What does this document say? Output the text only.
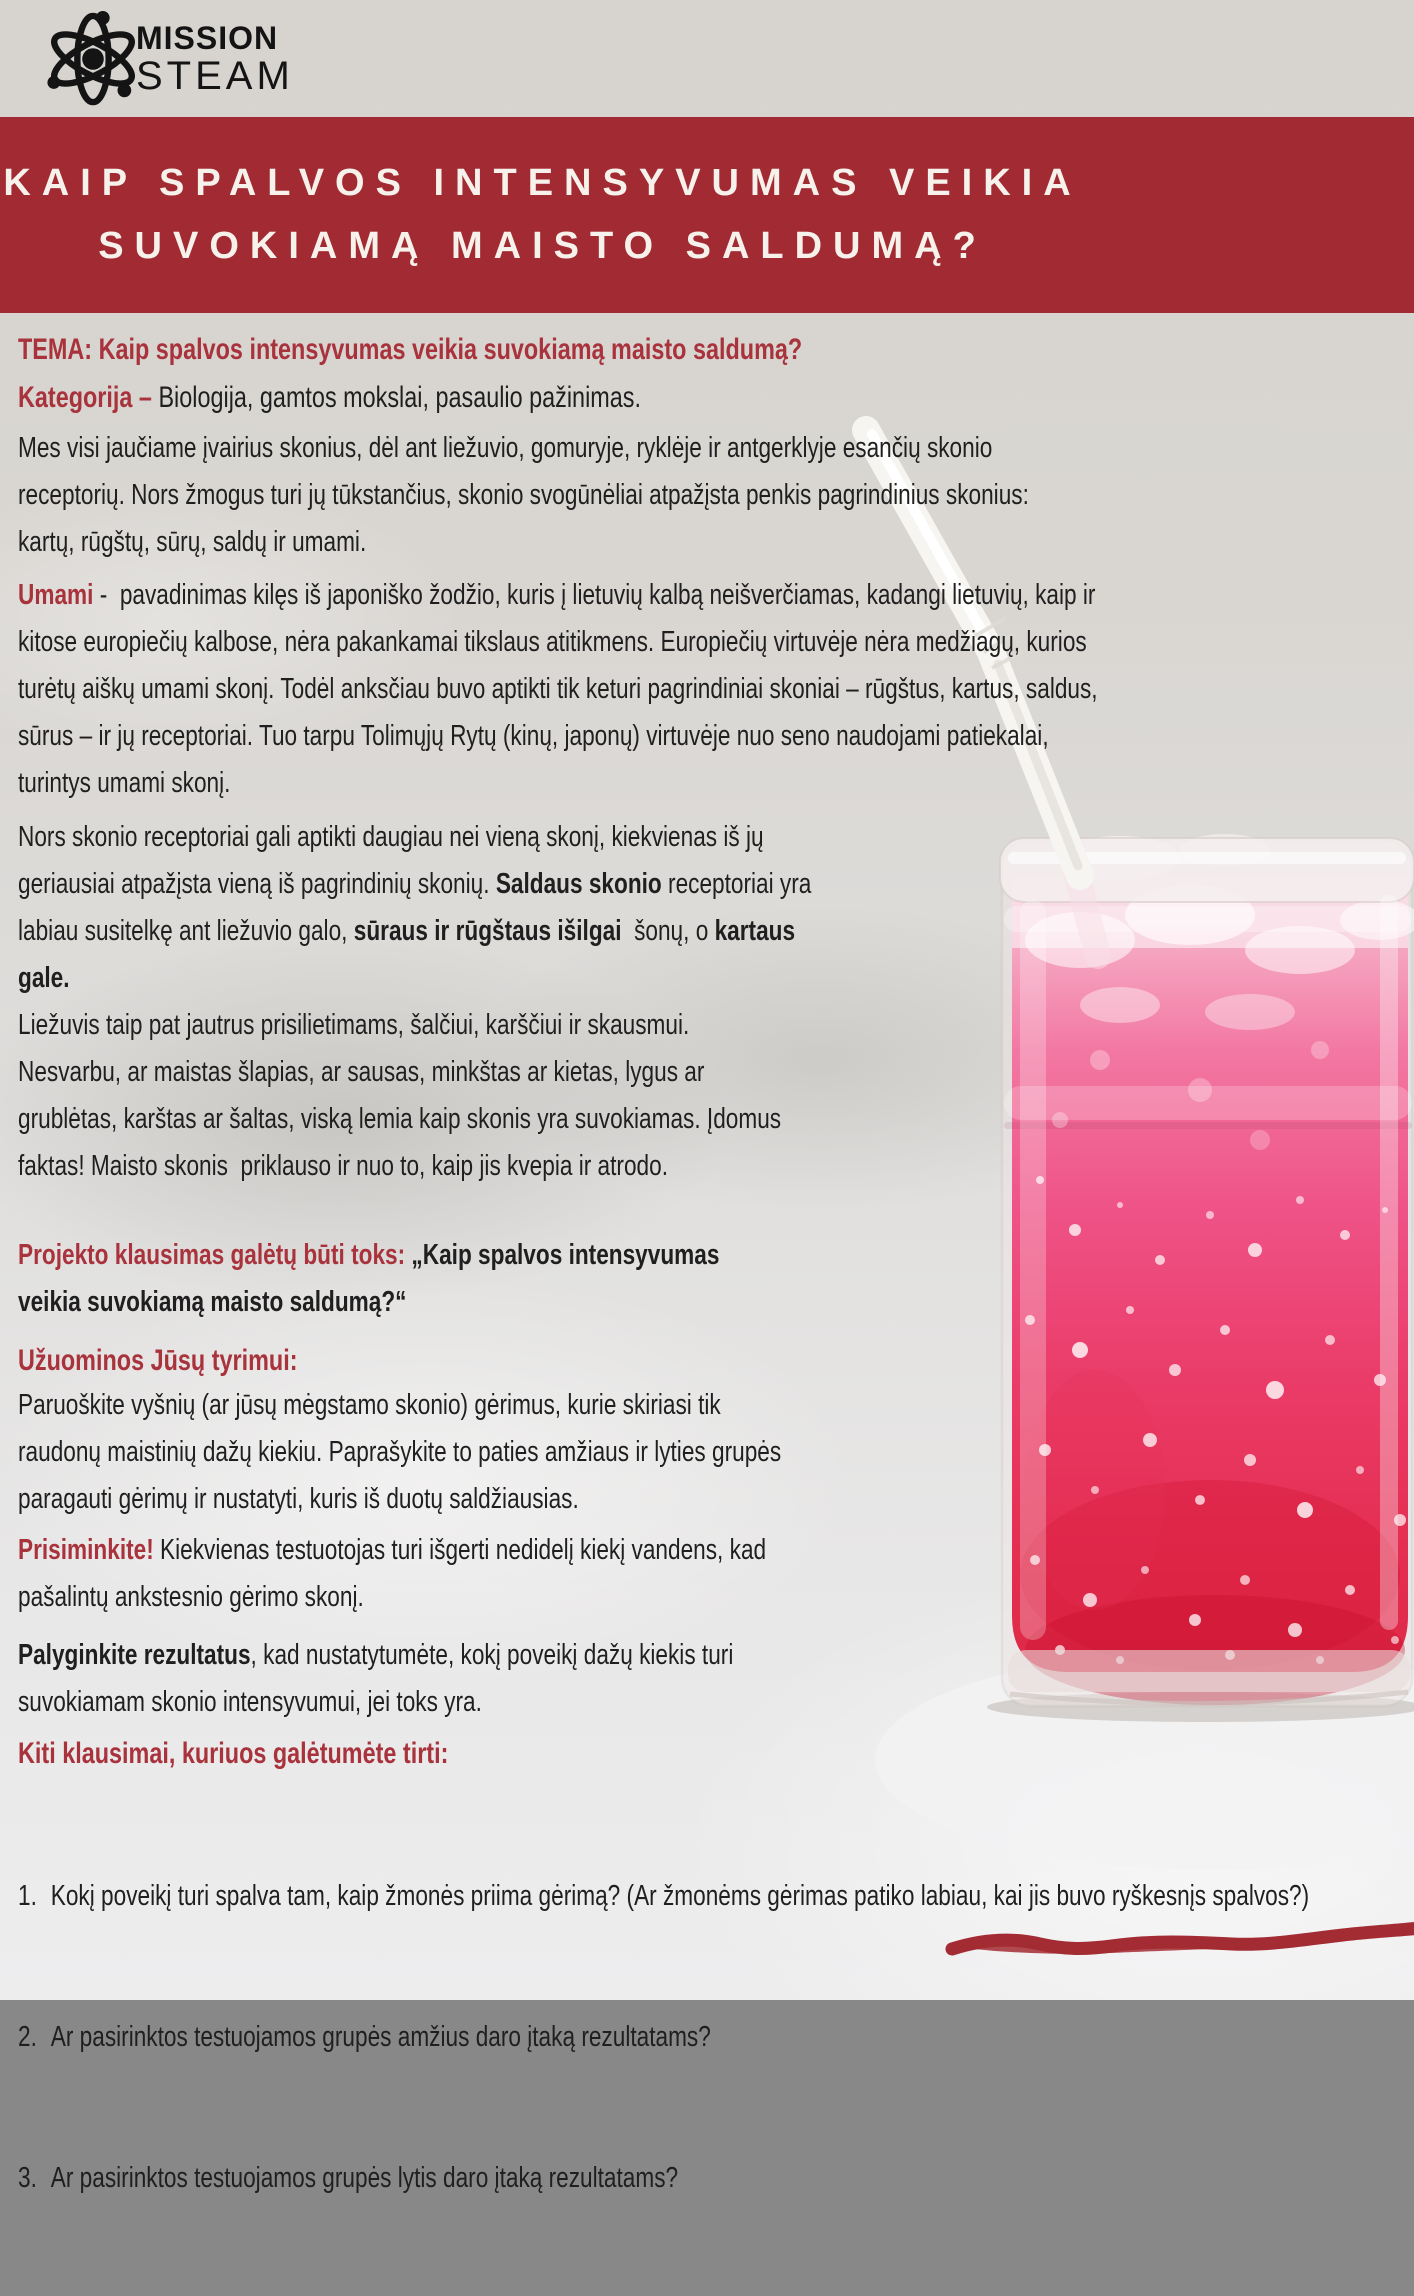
MISSION
STEAM
KAIP SPALVOS INTENSYVUMAS VEIKIA
SUVOKIAMĄ MAISTO SALDUMĄ?
TEMA: Kaip spalvos intensyvumas veikia suvokiamą maisto saldumą?
Kategorija – Biologija, gamtos mokslai, pasaulio pažinimas.
Mes visi jaučiame įvairius skonius, dėl ant liežuvio, gomuryje, ryklėje ir antgerklyje esančių skonio receptorių. Nors žmogus turi jų tūkstančius, skonio svogūnėliai atpažįsta penkis pagrindinius skonius: kartų, rūgštų, sūrų, saldų ir umami.
Umami -  pavadinimas kilęs iš japoniško žodžio, kuris į lietuvių kalbą neišverčiamas, kadangi lietuvių, kaip ir kitose europiečių kalbose, nėra pakankamai tikslaus atitikmens. Europiečių virtuvėje nėra medžiagų, kurios turėtų aiškų umami skonį. Todėl anksčiau buvo aptikti tik keturi pagrindiniai skoniai – rūgštus, kartus, saldus, sūrus – ir jų receptoriai. Tuo tarpu Tolimųjų Rytų (kinų, japonų) virtuvėje nuo seno naudojami patiekalai, turintys umami skonį.
Nors skonio receptoriai gali aptikti daugiau nei vieną skonį, kiekvienas iš jų geriausiai atpažįsta vieną iš pagrindinių skonių. Saldaus skonio receptoriai yra labiau susitelkę ant liežuvio galo, sūraus ir rūgštaus išilgai  šonų, o kartaus gale.
Liežuvis taip pat jautrus prisilietimams, šalčiui, karščiui ir skausmui. Nesvarbu, ar maistas šlapias, ar sausas, minkštas ar kietas, lygus ar grublėtas, karštas ar šaltas, viską lemia kaip skonis yra suvokiamas. Įdomus faktas! Maisto skonis  priklauso ir nuo to, kaip jis kvepia ir atrodo.
Projekto klausimas galėtų būti toks: „Kaip spalvos intensyvumas veikia suvokiamą maisto saldumą?“
Užuominos Jūsų tyrimui:
Paruoškite vyšnių (ar jūsų mėgstamo skonio) gėrimus, kurie skiriasi tik raudonų maistinių dažų kiekiu. Paprašykite to paties amžiaus ir lyties grupės  paragauti gėrimų ir nustatyti, kuris iš duotų saldžiausias.
Prisiminkite! Kiekvienas testuotojas turi išgerti nedidelį kiekį vandens, kad pašalintų ankstesnio gėrimo skonį.
Palyginkite rezultatus, kad nustatytumėte, kokį poveikį dažų kiekis turi suvokiamam skonio intensyvumui, jei toks yra.
Kiti klausimai, kuriuos galėtumėte tirti:

1. Kokį poveikį turi spalva tam, kaip žmonės priima gėrimą? (Ar žmonėms gėrimas patiko labiau, kai jis buvo ryškesnįs spalvos?)

2. Ar pasirinktos testuojamos grupės amžius daro įtaką rezultatams?

3. Ar pasirinktos testuojamos grupės lytis daro įtaką rezultatams?
